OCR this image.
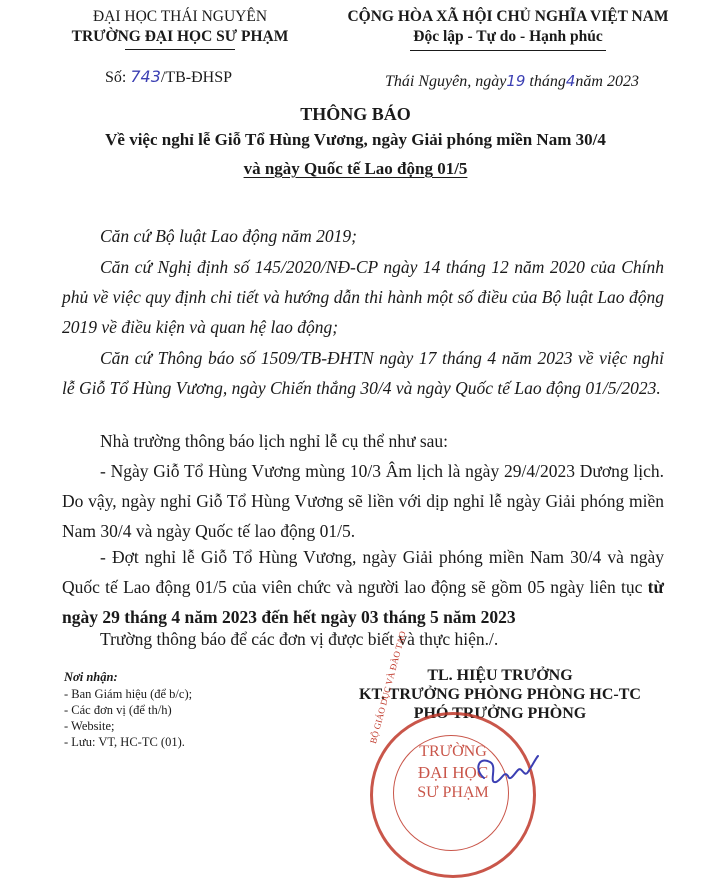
ĐẠI HỌC THÁI NGUYÊN
TRƯỜNG ĐẠI HỌC SƯ PHẠM
CỘNG HÒA XÃ HỘI CHỦ NGHĨA VIỆT NAM
Độc lập - Tự do - Hạnh phúc
Số: 743/TB-ĐHSP	Thái Nguyên, ngày19 tháng4năm 2023
THÔNG BÁO
Về việc nghỉ lễ Giỗ Tổ Hùng Vương, ngày Giải phóng miền Nam 30/4
và ngày Quốc tế Lao động 01/5
Căn cứ Bộ luật Lao động năm 2019;
Căn cứ Nghị định số 145/2020/NĐ-CP ngày 14 tháng 12 năm 2020 của Chính phủ về việc quy định chi tiết và hướng dẫn thi hành một số điều của Bộ luật Lao động 2019 về điều kiện và quan hệ lao động;
Căn cứ Thông báo số 1509/TB-ĐHTN ngày 17 tháng 4 năm 2023 về việc nghỉ lễ Giỗ Tổ Hùng Vương, ngày Chiến thắng 30/4 và ngày Quốc tế Lao động 01/5/2023.
Nhà trường thông báo lịch nghỉ lễ cụ thể như sau:
- Ngày Giỗ Tổ Hùng Vương mùng 10/3 Âm lịch là ngày 29/4/2023 Dương lịch. Do vậy, ngày nghỉ Giỗ Tổ Hùng Vương sẽ liền với dịp nghỉ lễ ngày Giải phóng miền Nam 30/4 và ngày Quốc tế lao động 01/5.
- Đợt nghỉ lễ Giỗ Tổ Hùng Vương, ngày Giải phóng miền Nam 30/4 và ngày Quốc tế Lao động 01/5 của viên chức và người lao động sẽ gồm 05 ngày liên tục từ ngày 29 tháng 4 năm 2023 đến hết ngày 03 tháng 5 năm 2023
Trường thông báo để các đơn vị được biết và thực hiện./.
Nơi nhận:
- Ban Giám hiệu (để b/c);
- Các đơn vị (để th/h)
- Website;
- Lưu: VT, HC-TC (01).
TL. HIỆU TRƯỞNG
KT. TRƯỞNG PHÒNG PHÒNG HC-TC
PHÓ TRƯỞNG PHÒNG
TRƯỜNG
ĐẠI HỌC
SƯ PHẠM
BỘ GIÁO DỤC VÀ ĐÀO TẠO
